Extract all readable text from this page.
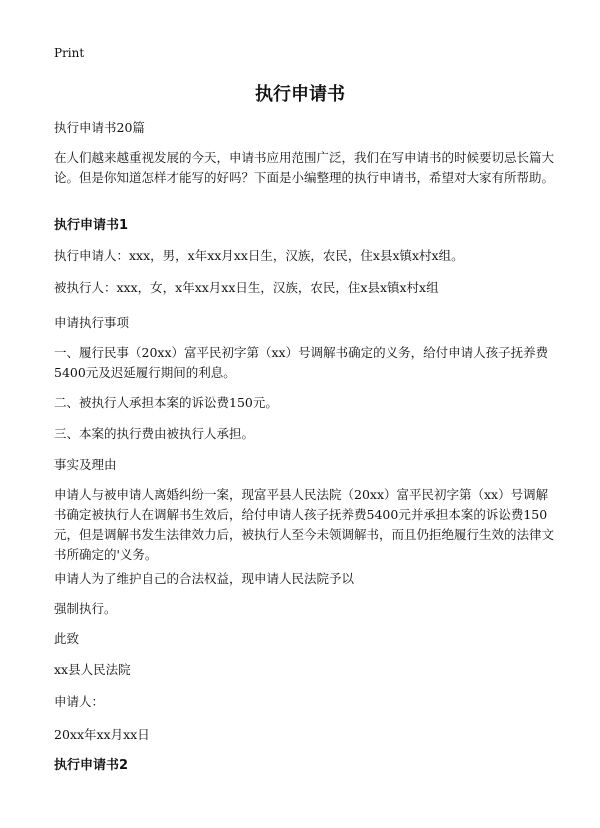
Print
执行申请书
执行申请书20篇
在人们越来越重视发展的今天，申请书应用范围广泛，我们在写申请书的时候要切忌长篇大论。但是你知道怎样才能写的好吗？下面是小编整理的执行申请书，希望对大家有所帮助。
执行申请书1
执行申请人：xxx，男，x年xx月xx日生，汉族，农民，住x县x镇x村x组。
被执行人：xxx，女，x年xx月xx日生，汉族，农民，住x县x镇x村x组
申请执行事项
一、履行民事（20xx）富平民初字第（xx）号调解书确定的义务，给付申请人孩子抚养费5400元及迟延履行期间的利息。
二、被执行人承担本案的诉讼费150元。
三、本案的执行费由被执行人承担。
事实及理由
申请人与被申请人离婚纠纷一案，现富平县人民法院（20xx）富平民初字第（xx）号调解书确定被执行人在调解书生效后，给付申请人孩子抚养费5400元并承担本案的诉讼费150元，但是调解书发生法律效力后，被执行人至今未领调解书，而且仍拒绝履行生效的法律文书所确定的'义务。
申请人为了维护自己的合法权益，现申请人民法院予以
强制执行。
此致
xx县人民法院
申请人：
20xx年xx月xx日
执行申请书2
